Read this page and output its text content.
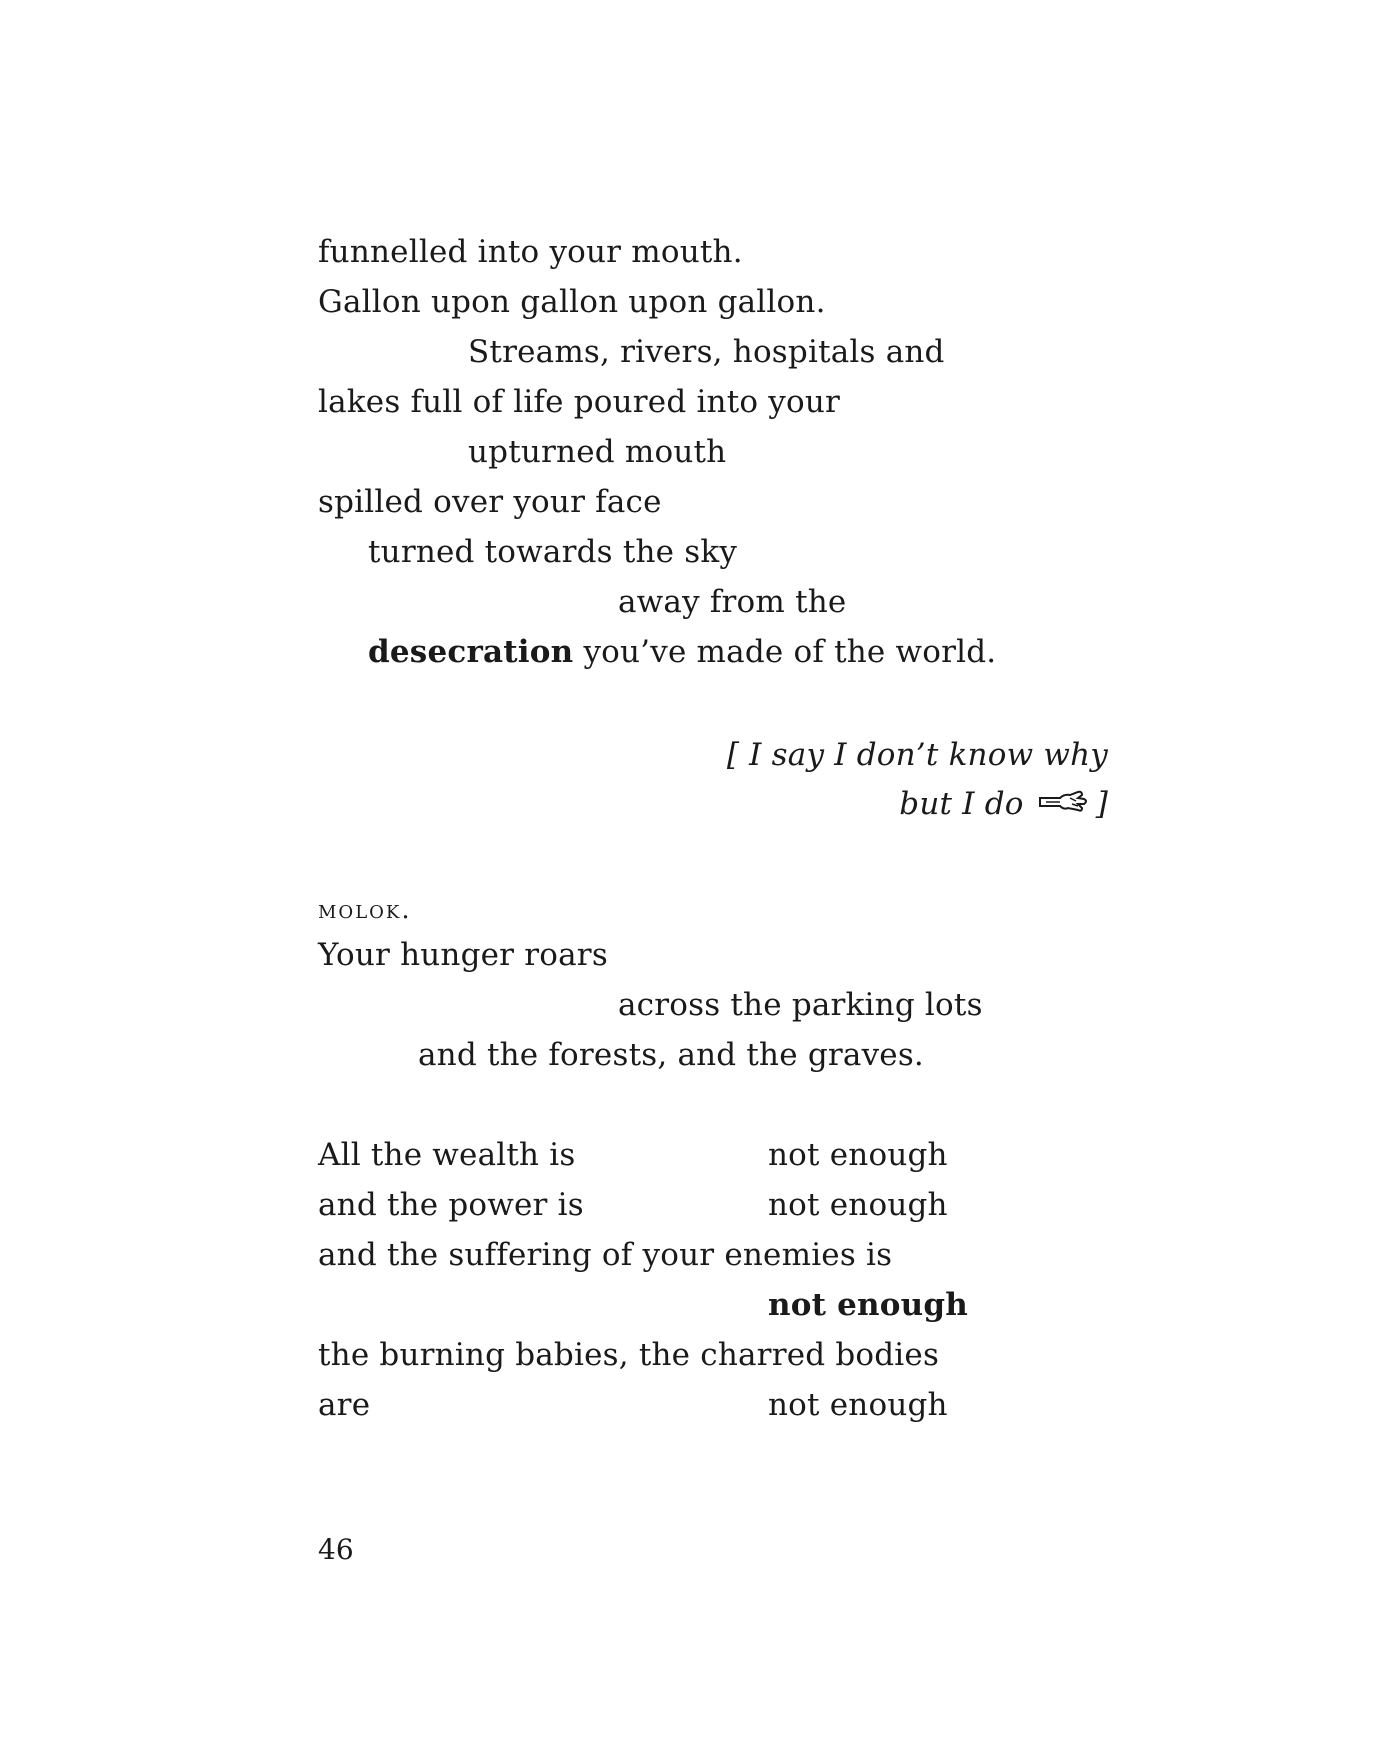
funnelled into your mouth.
Gallon upon gallon upon gallon.
Streams, rivers, hospitals and
lakes full of life poured into your
upturned mouth
spilled over your face
turned towards the sky
away from the
desecration you’ve made of the world.
[ I say I don’t know why
but I do ]
molok.
Your hunger roars
across the parking lots
and the forests, and the graves.
All the wealth is	not enough
and the power is	not enough
and the suffering of your enemies is
not enough
the burning babies, the charred bodies
are	not enough
46
